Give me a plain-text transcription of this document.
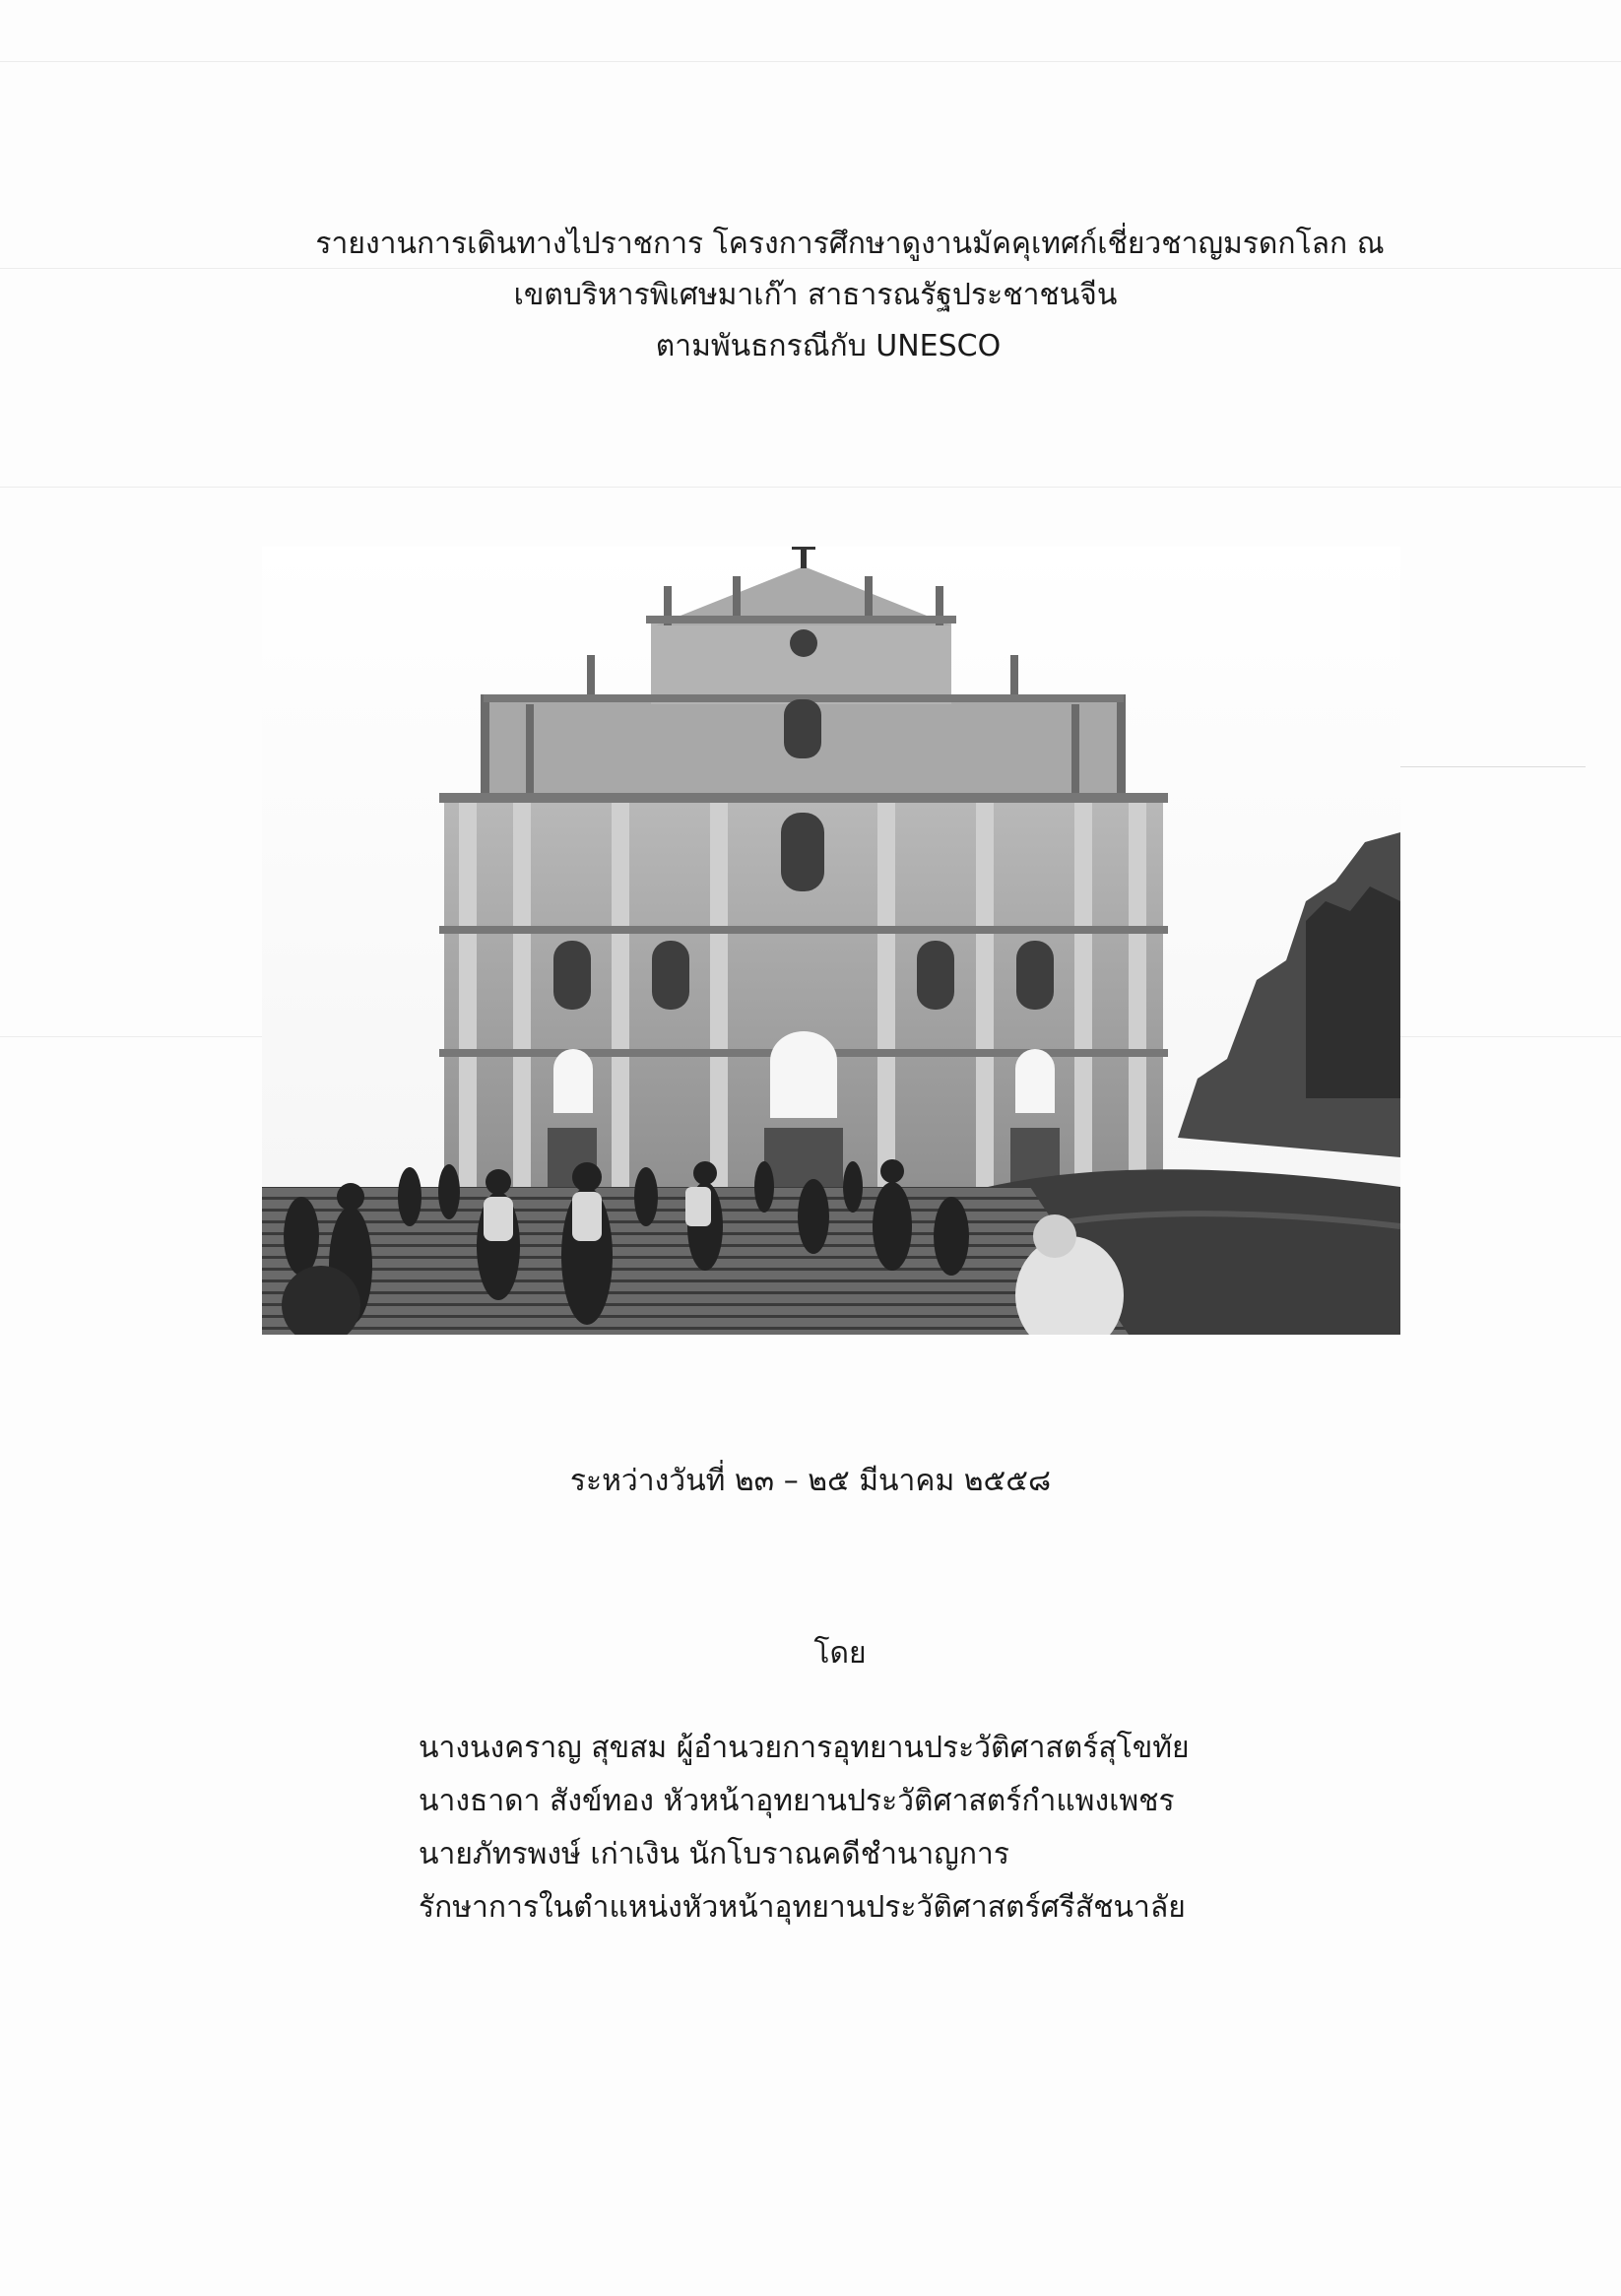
รายงานการเดินทางไปราชการ โครงการศึกษาดูงานมัคคุเทศก์เชี่ยวชาญมรดกโลก ณ
เขตบริหารพิเศษมาเก๊า สาธารณรัฐประชาชนจีน
ตามพันธกรณีกับ UNESCO
ระหว่างวันที่ ๒๓ – ๒๕ มีนาคม ๒๕๕๘
โดย
นางนงคราญ สุขสม ผู้อำนวยการอุทยานประวัติศาสตร์สุโขทัย
นางธาดา สังข์ทอง หัวหน้าอุทยานประวัติศาสตร์กำแพงเพชร
นายภัทรพงษ์ เก่าเงิน นักโบราณคดีชำนาญการ
รักษาการในตำแหน่งหัวหน้าอุทยานประวัติศาสตร์ศรีสัชนาลัย
